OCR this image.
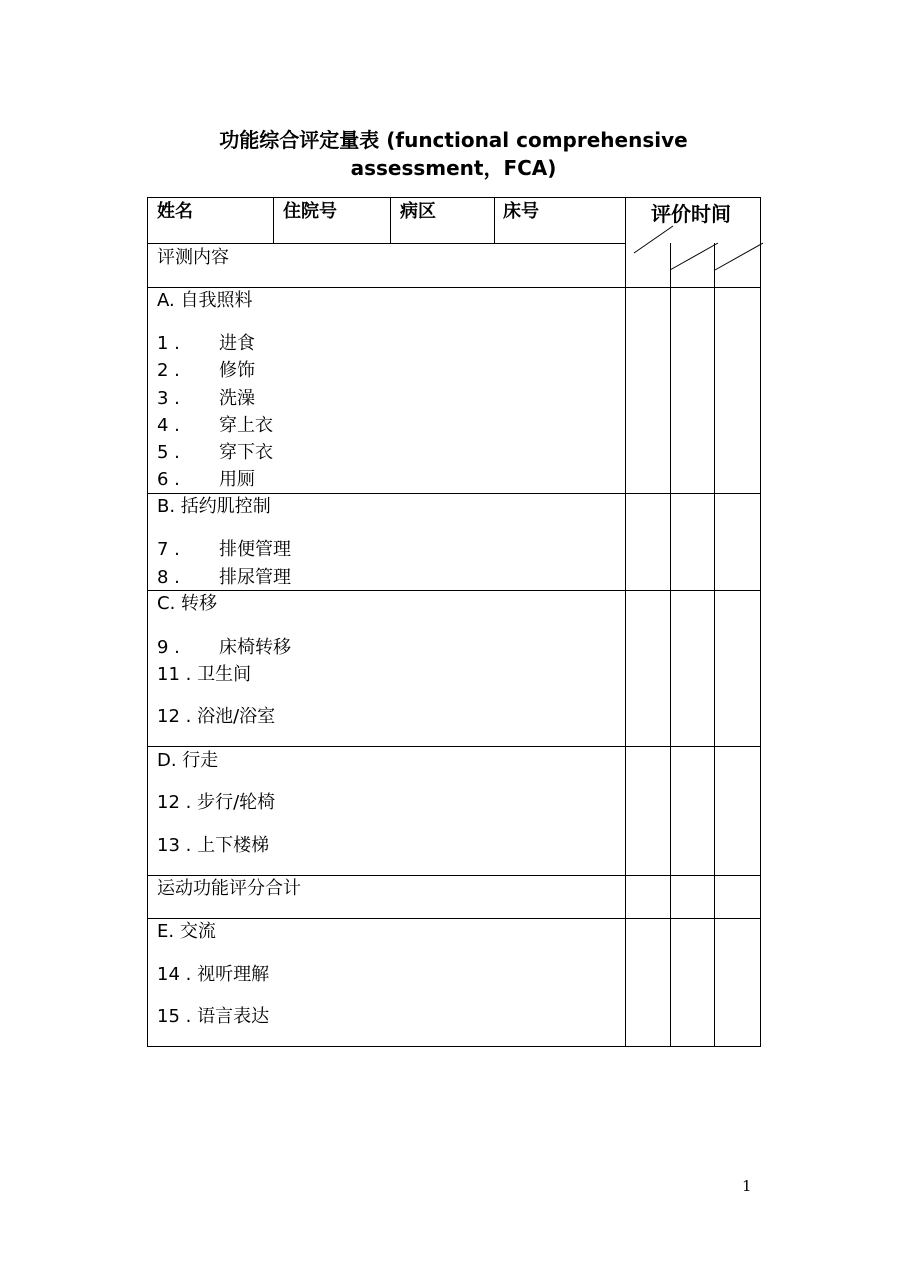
功能综合评定量表 (functional comprehensive
assessment，FCA)
姓名	住院号	病区	床号	评价时间
评测内容
A. 自我照料
1 . 进食
2 . 修饰
3 . 洗澡
4 . 穿上衣
5 . 穿下衣
6 . 用厕
B. 括约肌控制
7 . 排便管理
8 . 排尿管理
C. 转移
9 . 床椅转移
11 . 卫生间
12 . 浴池/浴室
D. 行走
12 . 步行/轮椅
13 . 上下楼梯
运动功能评分合计
E. 交流
14 . 视听理解
15 . 语言表达
1
